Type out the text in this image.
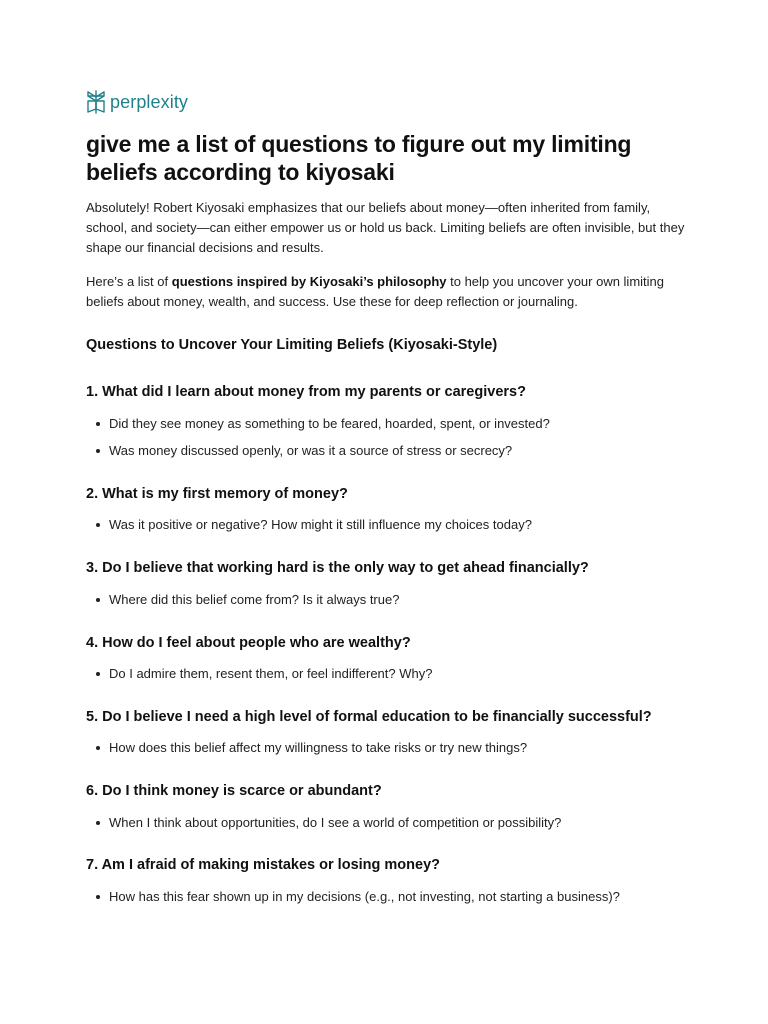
perplexity
give me a list of questions to figure out my limiting beliefs according to kiyosaki
Absolutely! Robert Kiyosaki emphasizes that our beliefs about money—often inherited from family, school, and society—can either empower us or hold us back. Limiting beliefs are often invisible, but they shape our financial decisions and results.
Here’s a list of questions inspired by Kiyosaki’s philosophy to help you uncover your own limiting beliefs about money, wealth, and success. Use these for deep reflection or journaling.
Questions to Uncover Your Limiting Beliefs (Kiyosaki-Style)
1. What did I learn about money from my parents or caregivers?
Did they see money as something to be feared, hoarded, spent, or invested?
Was money discussed openly, or was it a source of stress or secrecy?
2. What is my first memory of money?
Was it positive or negative? How might it still influence my choices today?
3. Do I believe that working hard is the only way to get ahead financially?
Where did this belief come from? Is it always true?
4. How do I feel about people who are wealthy?
Do I admire them, resent them, or feel indifferent? Why?
5. Do I believe I need a high level of formal education to be financially successful?
How does this belief affect my willingness to take risks or try new things?
6. Do I think money is scarce or abundant?
When I think about opportunities, do I see a world of competition or possibility?
7. Am I afraid of making mistakes or losing money?
How has this fear shown up in my decisions (e.g., not investing, not starting a business)?
